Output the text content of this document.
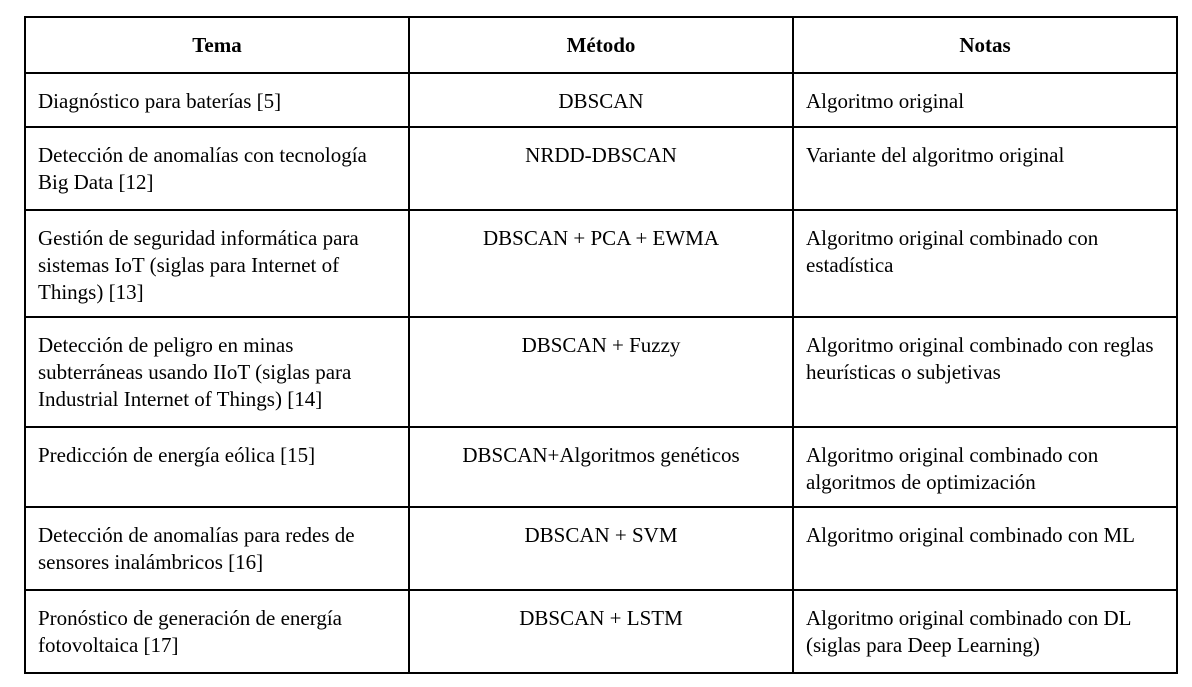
Tema	Método	Notas
Diagnóstico para baterías [5]	DBSCAN	Algoritmo original
Detección de anomalías con tecnología Big Data [12]	NRDD-DBSCAN	Variante del algoritmo original
Gestión de seguridad informática para sistemas IoT (siglas para Internet of Things) [13]	DBSCAN + PCA + EWMA	Algoritmo original combinado con estadística
Detección de peligro en minas subterráneas usando IIoT (siglas para Industrial Internet of Things) [14]	DBSCAN + Fuzzy	Algoritmo original combinado con reglas heurísticas o subjetivas
Predicción de energía eólica [15]	DBSCAN+Algoritmos genéticos	Algoritmo original combinado con algoritmos de optimización
Detección de anomalías para redes de sensores inalámbricos [16]	DBSCAN + SVM	Algoritmo original combinado con ML
Pronóstico de generación de energía fotovoltaica [17]	DBSCAN + LSTM	Algoritmo original combinado con DL (siglas para Deep Learning)
